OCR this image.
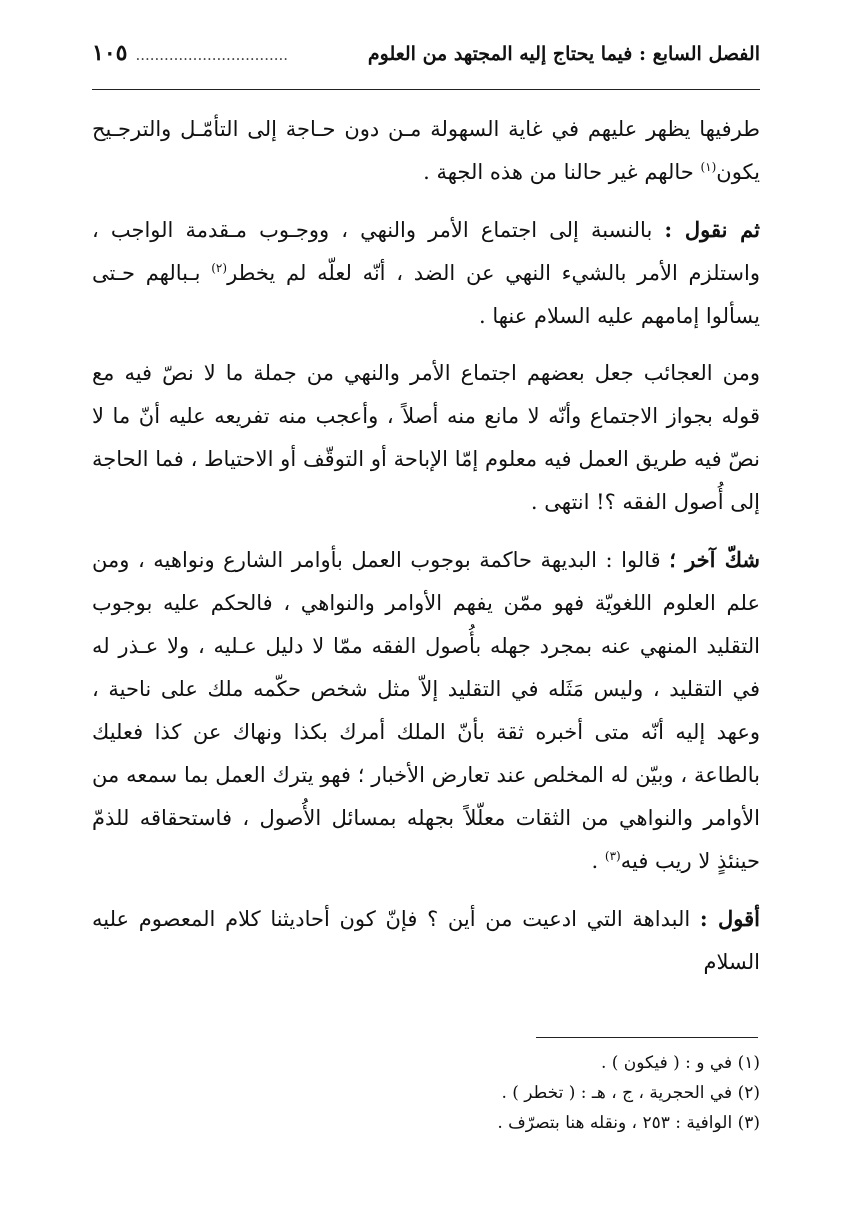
الفصل السابع : فيما يحتاج إليه المجتهد من العلوم
................................
١٠٥

طرفيها يظهر عليهم في غاية السهولة مـن دون حـاجة إلى التأمّـل والترجـيح يكون$^{(١)}$ حالهم غير حالنا من هذه الجهة .

ثم نقول : بالنسبة إلى اجتماع الأمر والنهي ، ووجـوب مـقدمة الواجب ، واستلزم الأمر بالشيء النهي عن الضد ، أنّه لعلّه لم يخطر$^{(٢)}$ بـبالهم حـتى يسألوا إمامهم عليه السلام عنها .

ومن العجائب جعل بعضهم اجتماع الأمر والنهي من جملة ما لا نصّ فيه مع قوله بجواز الاجتماع وأنّه لا مانع منه أصلاً ، وأعجب منه تفريعه عليه أنّ ما لا نصّ فيه طريق العمل فيه معلوم إمّا الإباحة أو التوقّف أو الاحتياط ، فما الحاجة إلى أُصول الفقه ؟! انتهى .

شكّ آخر ؛ قالوا : البديهة حاكمة بوجوب العمل بأوامر الشارع ونواهيه ، ومن علم العلوم اللغويّة فهو ممّن يفهم الأوامر والنواهي ، فالحكم عليه بوجوب التقليد المنهي عنه بمجرد جهله بأُصول الفقه ممّا لا دليل عـليه ، ولا عـذر له في التقليد ، وليس مَثَله في التقليد إلاّ مثل شخص حكّمه ملك على ناحية ، وعهد إليه أنّه متى أخبره ثقة بأنّ الملك أمرك بكذا ونهاك عن كذا فعليك بالطاعة ، وبيّن له المخلص عند تعارض الأخبار ؛ فهو يترك العمل بما سمعه من الأوامر والنواهي من الثقات معلّلاً بجهله بمسائل الأُصول ، فاستحقاقه للذمّ حينئذٍ لا ريب فيه$^{(٣)}$ .

أقول : البداهة التي ادعيت من أين ؟ فإنّ كون أحاديثنا كلام المعصوم عليه السلام

(١) في و : ( فيكون ) .
(٢) في الحجرية ، ج ، هـ : ( تخطر ) .
(٣) الوافية : ٢٥٣ ، ونقله هنا بتصرّف .
